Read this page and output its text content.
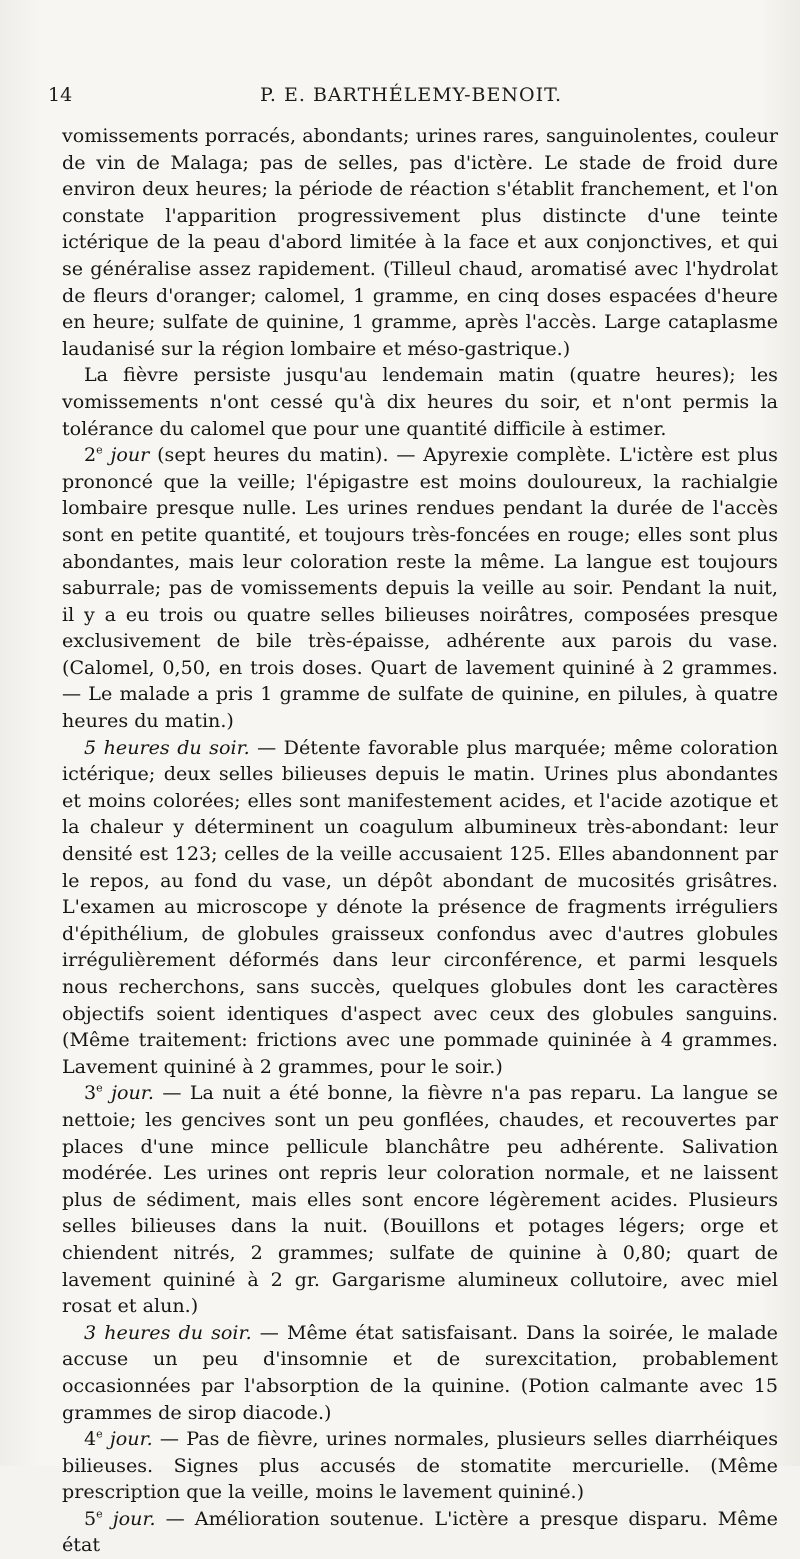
14	P. E. BARTHÉLEMY-BENOIT.

vomissements porracés, abondants; urines rares, sanguinolentes, couleur de vin de Malaga; pas de selles, pas d'ictère. Le stade de froid dure environ deux heures; la période de réaction s'établit franchement, et l'on constate l'apparition progressivement plus distincte d'une teinte ictérique de la peau d'abord limitée à la face et aux conjonctives, et qui se généralise assez rapidement. (Tilleul chaud, aromatisé avec l'hydrolat de fleurs d'oranger; calomel, 1 gramme, en cinq doses espacées d'heure en heure; sulfate de quinine, 1 gramme, après l'accès. Large cataplasme laudanisé sur la région lombaire et méso-gastrique.)

La fièvre persiste jusqu'au lendemain matin (quatre heures); les vomissements n'ont cessé qu'à dix heures du soir, et n'ont permis la tolérance du calomel que pour une quantité difficile à estimer.

2e jour (sept heures du matin). — Apyrexie complète. L'ictère est plus prononcé que la veille; l'épigastre est moins douloureux, la rachialgie lombaire presque nulle. Les urines rendues pendant la durée de l'accès sont en petite quantité, et toujours très-foncées en rouge; elles sont plus abondantes, mais leur coloration reste la même. La langue est toujours saburrale; pas de vomissements depuis la veille au soir. Pendant la nuit, il y a eu trois ou quatre selles bilieuses noirâtres, composées presque exclusivement de bile très-épaisse, adhérente aux parois du vase. (Calomel, 0,50, en trois doses. Quart de lavement quininé à 2 grammes. — Le malade a pris 1 gramme de sulfate de quinine, en pilules, à quatre heures du matin.)

5 heures du soir. — Détente favorable plus marquée; même coloration ictérique; deux selles bilieuses depuis le matin. Urines plus abondantes et moins colorées; elles sont manifestement acides, et l'acide azotique et la chaleur y déterminent un coagulum albumineux très-abondant: leur densité est 123; celles de la veille accusaient 125. Elles abandonnent par le repos, au fond du vase, un dépôt abondant de mucosités grisâtres. L'examen au microscope y dénote la présence de fragments irréguliers d'épithélium, de globules graisseux confondus avec d'autres globules irrégulièrement déformés dans leur circonférence, et parmi lesquels nous recherchons, sans succès, quelques globules dont les caractères objectifs soient identiques d'aspect avec ceux des globules sanguins. (Même traitement: frictions avec une pommade quininée à 4 grammes. Lavement quininé à 2 grammes, pour le soir.)

3e jour. — La nuit a été bonne, la fièvre n'a pas reparu. La langue se nettoie; les gencives sont un peu gonflées, chaudes, et recouvertes par places d'une mince pellicule blanchâtre peu adhérente. Salivation modérée. Les urines ont repris leur coloration normale, et ne laissent plus de sédiment, mais elles sont encore légèrement acides. Plusieurs selles bilieuses dans la nuit. (Bouillons et potages légers; orge et chiendent nitrés, 2 grammes; sulfate de quinine à 0,80; quart de lavement quininé à 2 gr. Gargarisme alumineux collutoire, avec miel rosat et alun.)

3 heures du soir. — Même état satisfaisant. Dans la soirée, le malade accuse un peu d'insomnie et de surexcitation, probablement occasionnées par l'absorption de la quinine. (Potion calmante avec 15 grammes de sirop diacode.)

4e jour. — Pas de fièvre, urines normales, plusieurs selles diarrhéiques bilieuses. Signes plus accusés de stomatite mercurielle. (Même prescription que la veille, moins le lavement quininé.)

5e jour. — Amélioration soutenue. L'ictère a presque disparu. Même état
